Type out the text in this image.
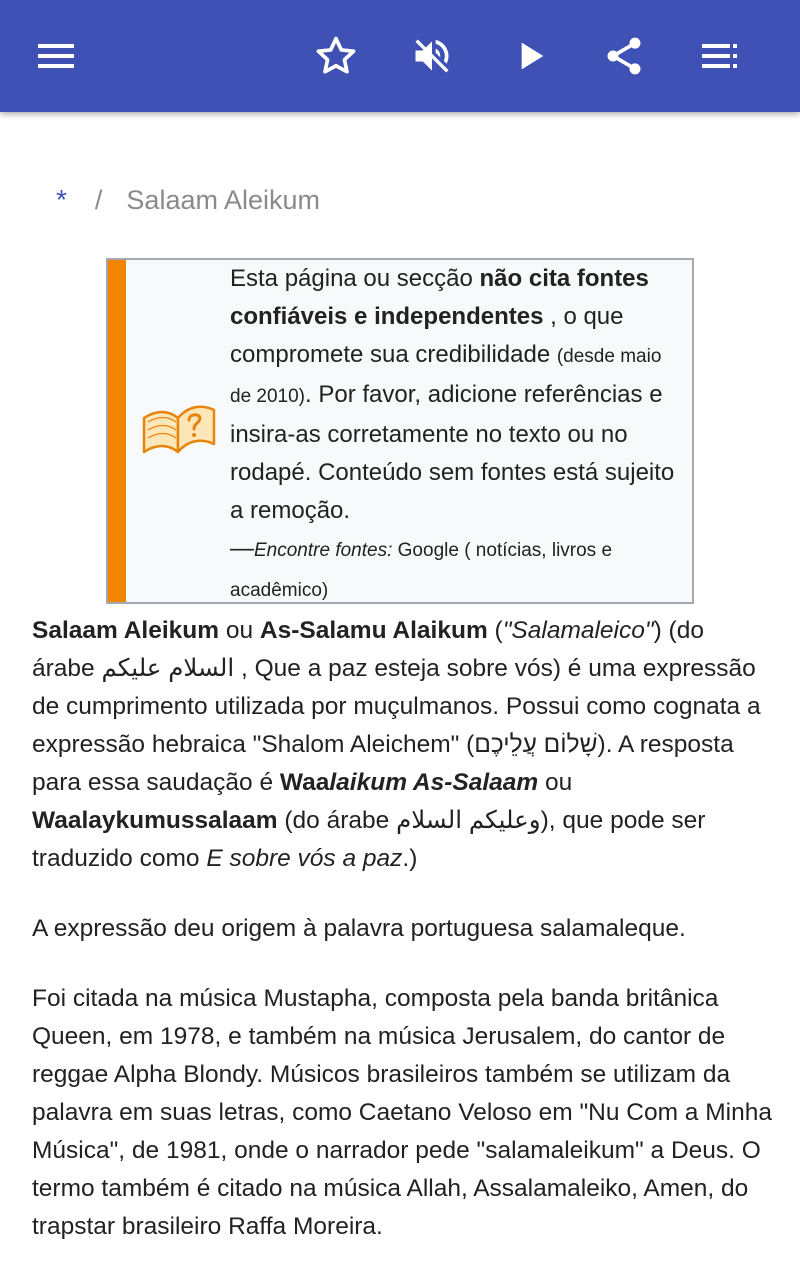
* / Salaam Aleikum
Esta página ou secção não cita fontes confiáveis e independentes , o que compromete sua credibilidade (desde maio de 2010). Por favor, adicione referências e insira-as corretamente no texto ou no rodapé. Conteúdo sem fontes está sujeito a remoção.
—Encontre fontes: Google ( notícias, livros e acadêmico)

Salaam Aleikum ou As-Salamu Alaikum ("Salamaleico") (do árabe السلام عليكم , Que a paz esteja sobre vós) é uma expressão de cumprimento utilizada por muçulmanos. Possui como cognata a expressão hebraica "Shalom Aleichem" (שָׁלוֹם עֲלֵיכֶם). A resposta para essa saudação é Waalaikum As-Salaam ou Waalaykumussalaam (do árabe وعليكم السلام), que pode ser traduzido como E sobre vós a paz.)

A expressão deu origem à palavra portuguesa salamaleque.

Foi citada na música Mustapha, composta pela banda britânica Queen, em 1978, e também na música Jerusalem, do cantor de reggae Alpha Blondy. Músicos brasileiros também se utilizam da palavra em suas letras, como Caetano Veloso em "Nu Com a Minha Música", de 1981, onde o narrador pede "salamaleikum" a Deus. O termo também é citado na música Allah, Assalamaleiko, Amen, do trapstar brasileiro Raffa Moreira.
